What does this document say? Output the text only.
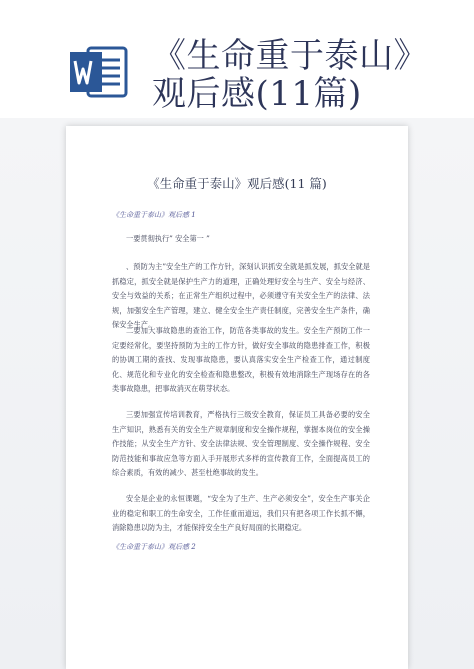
《生命重于泰山》
观后感(11篇)
《生命重于泰山》观后感(11 篇)
《生命重于泰山》观后感 1

一要贯彻执行” 安全第一 ”

、预防为主”安全生产的工作方针，深刻认识抓安全就是抓发展，抓安全就是抓稳定，抓安全就是保护生产力的道理，正确处理好安全与生产、安全与经济、安全与效益的关系；在正常生产组织过程中，必须遵守有关安全生产的法律、法规，加强安全生产管理，建立、健全安全生产责任制度，完善安全生产条件，确保安全生产。

二要加大事故隐患的查治工作，防范各类事故的发生。安全生产预防工作一定要经常化，要坚持预防为主的工作方针，做好安全事故的隐患排查工作，积极的协调工期的查找、发现事故隐患，要认真落实安全生产检查工作，通过制度化、规范化和专业化的安全检查和隐患整改，积极有效地消除生产现场存在的各类事故隐患，把事故消灭在萌芽状态。

三要加强宣传培训教育，严格执行三级安全教育，保证员工具备必要的安全生产知识，熟悉有关的安全生产规章制度和安全操作规程，掌握本岗位的安全操作技能；从安全生产方针、安全法律法规、安全管理制度、安全操作规程、安全防范技能和事故应急等方面入手开展形式多样的宣传教育工作，全面提高员工的综合素质，有效的减少、甚至杜绝事故的发生。

安全是企业的永恒课题，“安全为了生产、生产必须安全”，安全生产事关企业的稳定和职工的生命安全，工作任重而道远，我们只有把各项工作长抓不懈，消除隐患以防为主，才能保持安全生产良好局面的长期稳定。

《生命重于泰山》观后感 2
